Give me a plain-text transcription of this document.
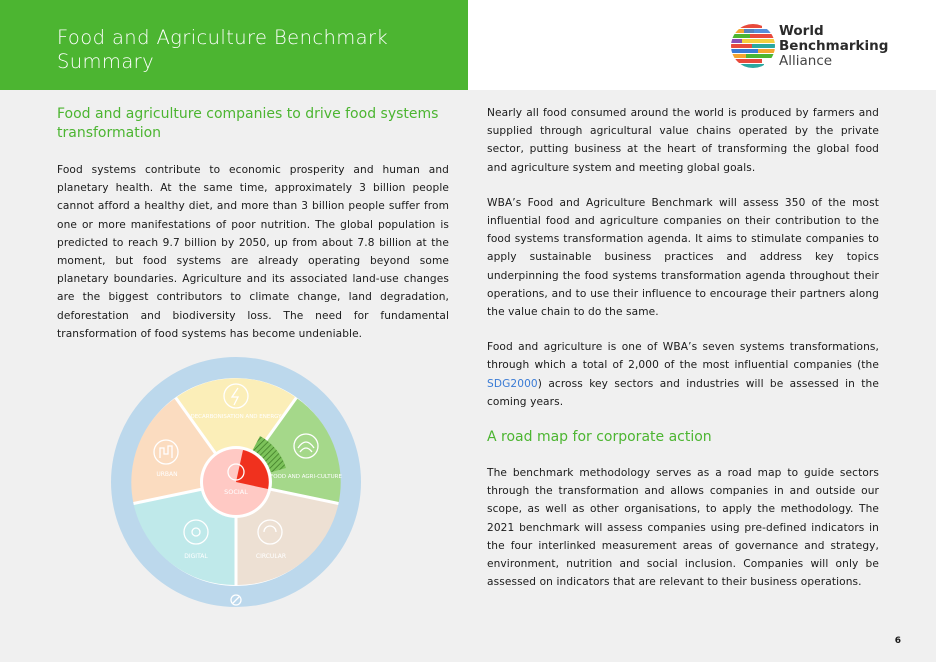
Food and Agriculture Benchmark Summary
World
Benchmarking
Alliance
Food and agriculture companies to drive food systems transformation

Food systems contribute to economic prosperity and human and planetary health. At the same time, approximately 3 billion people cannot afford a healthy diet, and more than 3 billion people suffer from one or more manifestations of poor nutrition. The global population is predicted to reach 9.7 billion by 2050, up from about 7.8 billion at the moment, but food systems are already operating beyond some planetary boundaries. Agriculture and its associated land-use changes are the biggest contributors to climate change, land degradation, deforestation and biodiversity loss. The need for fundamental transformation of food systems has become undeniable.

DECARBONISATION AND ENERGY
FOOD AND AGRI-CULTURE
CIRCULAR
DIGITAL
URBAN
SOCIAL

Nearly all food consumed around the world is produced by farmers and supplied through agricultural value chains operated by the private sector, putting business at the heart of transforming the global food and agriculture system and meeting global goals.

WBA’s Food and Agriculture Benchmark will assess 350 of the most influential food and agriculture companies on their contribution to the food systems transformation agenda. It aims to stimulate companies to apply sustainable business practices and address key topics underpinning the food systems transformation agenda throughout their operations, and to use their influence to encourage their partners along the value chain to do the same.

Food and agriculture is one of WBA’s seven systems transformations, through which a total of 2,000 of the most influential companies (the SDG2000) across key sectors and industries will be assessed in the coming years.

A road map for corporate action

The benchmark methodology serves as a road map to guide sectors through the transformation and allows companies in and outside our scope, as well as other organisations, to apply the methodology. The 2021 benchmark will assess companies using pre-defined indicators in the four interlinked measurement areas of governance and strategy, environment, nutrition and social inclusion. Companies will only be assessed on indicators that are relevant to their business operations.

6
